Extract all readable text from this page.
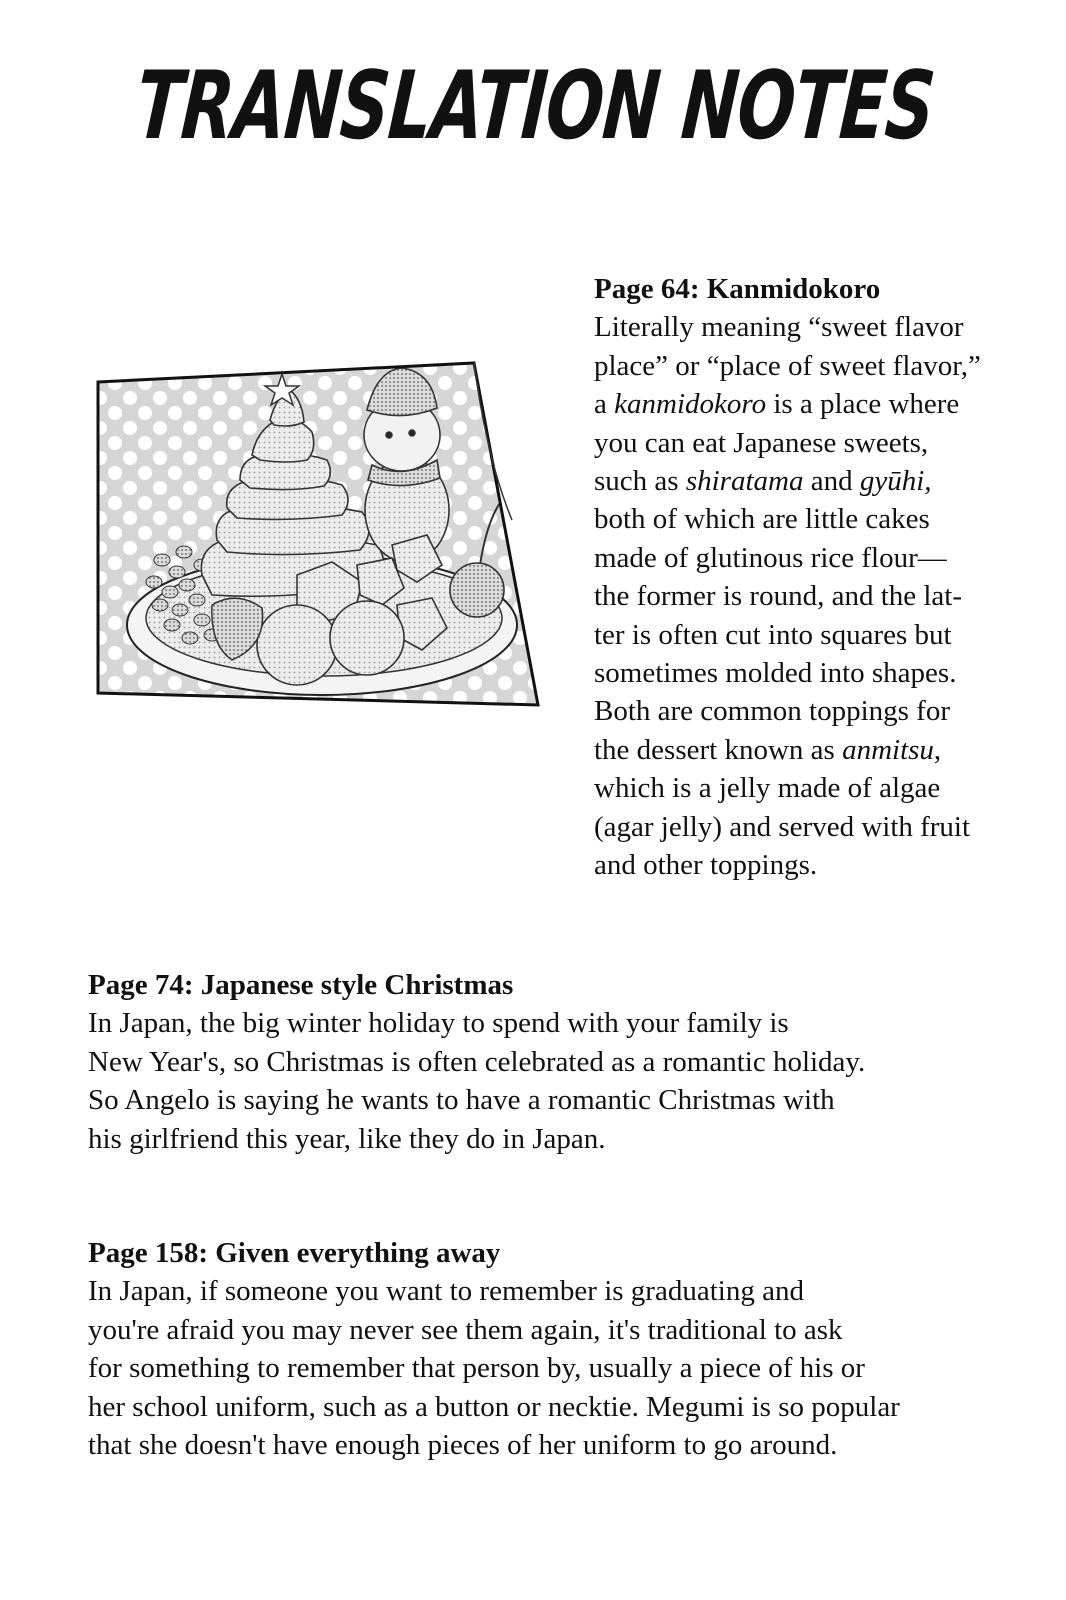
TRANSLATION NOTES
Page 64: Kanmidokoro
Literally meaning “sweet flavor
place” or “place of sweet flavor,”
a kanmidokoro is a place where
you can eat Japanese sweets,
such as shiratama and gyūhi,
both of which are little cakes
made of glutinous rice flour—
the former is round, and the lat-
ter is often cut into squares but
sometimes molded into shapes.
Both are common toppings for
the dessert known as anmitsu,
which is a jelly made of algae
(agar jelly) and served with fruit
and other toppings.
Page 74: Japanese style Christmas
In Japan, the big winter holiday to spend with your family is
New Year's, so Christmas is often celebrated as a romantic holiday.
So Angelo is saying he wants to have a romantic Christmas with
his girlfriend this year, like they do in Japan.
Page 158: Given everything away
In Japan, if someone you want to remember is graduating and
you're afraid you may never see them again, it's traditional to ask
for something to remember that person by, usually a piece of his or
her school uniform, such as a button or necktie. Megumi is so popular
that she doesn't have enough pieces of her uniform to go around.
